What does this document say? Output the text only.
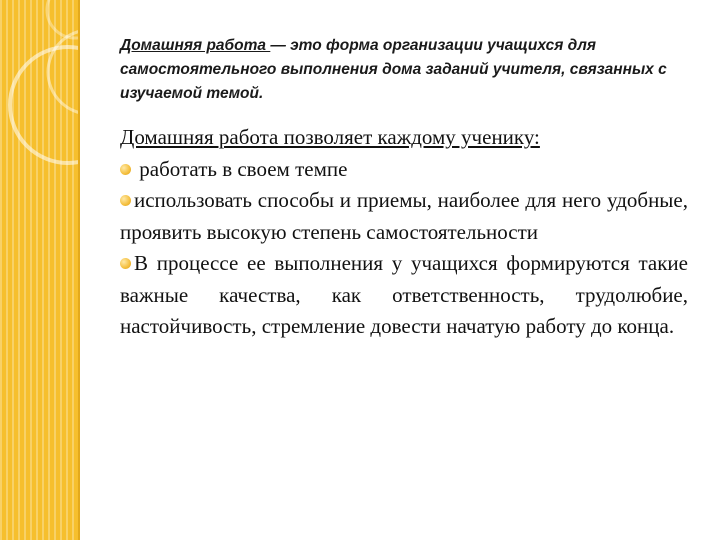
Домашняя работа — это форма организации учащихся для самостоятельного выполнения дома заданий учителя, связанных с изучаемой темой.
Домашняя работа позволяет каждому ученику:

работать в своем темпе

использовать способы и приемы, наиболее для него удобные, проявить высокую степень самостоятельности

В процессе ее выполнения у учащихся формируются такие важные качества, как ответственность, трудолюбие, настойчивость, стремление довести начатую работу до конца.
